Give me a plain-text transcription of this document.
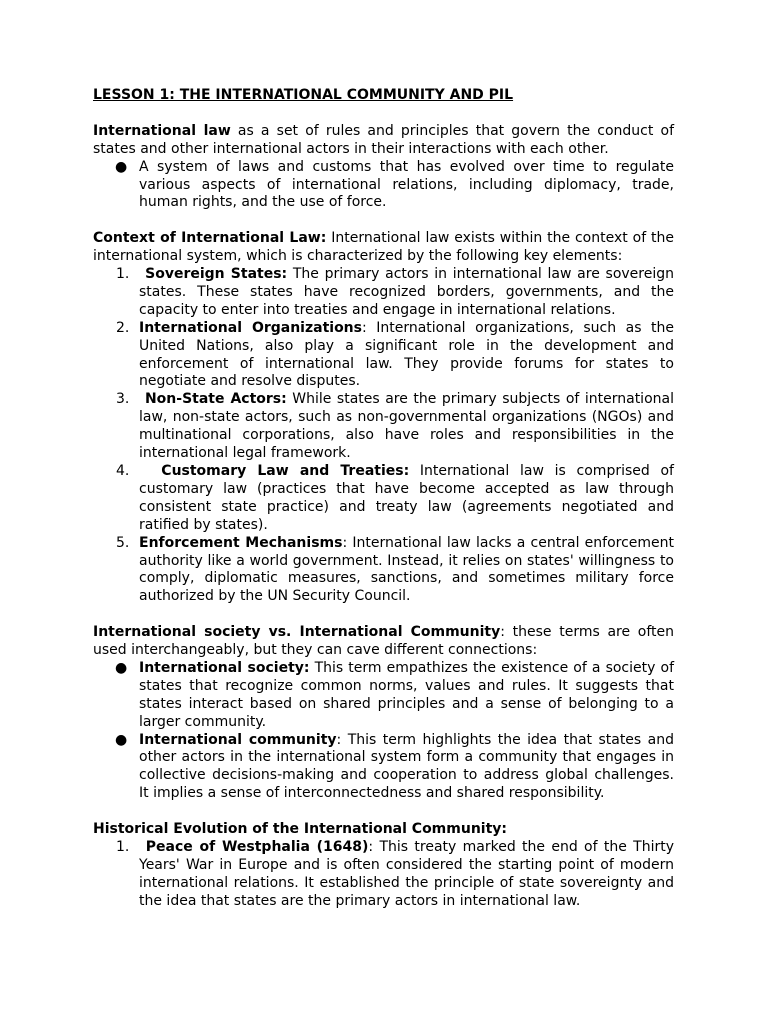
LESSON 1: THE INTERNATIONAL COMMUNITY AND PIL

International law as a set of rules and principles that govern the conduct of states and other international actors in their interactions with each other.

● A system of laws and customs that has evolved over time to regulate various aspects of international relations, including diplomacy, trade, human rights, and the use of force.

Context of International Law: International law exists within the context of the international system, which is characterized by the following key elements:

1. Sovereign States: The primary actors in international law are sovereign states. These states have recognized borders, governments, and the capacity to enter into treaties and engage in international relations.
2. International Organizations: International organizations, such as the United Nations, also play a significant role in the development and enforcement of international law. They provide forums for states to negotiate and resolve disputes.
3. Non-State Actors: While states are the primary subjects of international law, non-state actors, such as non-governmental organizations (NGOs) and multinational corporations, also have roles and responsibilities in the international legal framework.
4. Customary Law and Treaties: International law is comprised of customary law (practices that have become accepted as law through consistent state practice) and treaty law (agreements negotiated and ratified by states).
5. Enforcement Mechanisms: International law lacks a central enforcement authority like a world government. Instead, it relies on states' willingness to comply, diplomatic measures, sanctions, and sometimes military force authorized by the UN Security Council.

International society vs. International Community: these terms are often used interchangeably, but they can cave different connections:

● International society: This term empathizes the existence of a society of states that recognize common norms, values and rules. It suggests that states interact based on shared principles and a sense of belonging to a larger community.
● International community: This term highlights the idea that states and other actors in the international system form a community that engages in collective decisions-making and cooperation to address global challenges. It implies a sense of interconnectedness and shared responsibility.

Historical Evolution of the International Community:

1. Peace of Westphalia (1648): This treaty marked the end of the Thirty Years' War in Europe and is often considered the starting point of modern international relations. It established the principle of state sovereignty and the idea that states are the primary actors in international law.
